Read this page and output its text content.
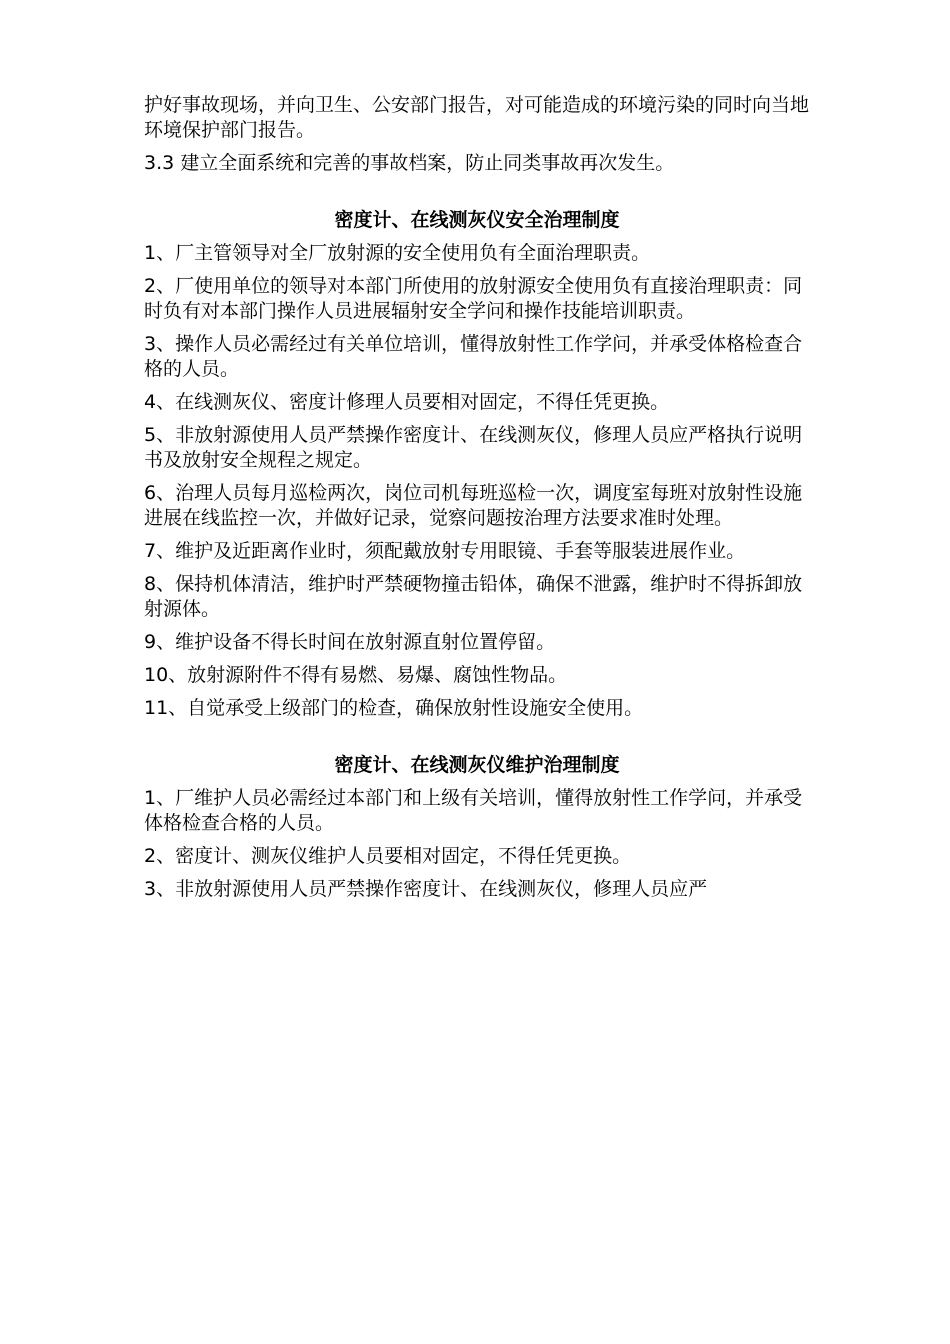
护好事故现场，并向卫生、公安部门报告，对可能造成的环境污染的同时向当地环境保护部门报告。

3.3 建立全面系统和完善的事故档案，防止同类事故再次发生。

密度计、在线测灰仪安全治理制度

1、厂主管领导对全厂放射源的安全使用负有全面治理职责。

2、厂使用单位的领导对本部门所使用的放射源安全使用负有直接治理职责：同时负有对本部门操作人员进展辐射安全学问和操作技能培训职责。

3、操作人员必需经过有关单位培训，懂得放射性工作学问，并承受体格检查合格的人员。

4、在线测灰仪、密度计修理人员要相对固定，不得任凭更换。

5、非放射源使用人员严禁操作密度计、在线测灰仪，修理人员应严格执行说明书及放射安全规程之规定。

6、治理人员每月巡检两次，岗位司机每班巡检一次，调度室每班对放射性设施进展在线监控一次，并做好记录，觉察问题按治理方法要求准时处理。

7、维护及近距离作业时，须配戴放射专用眼镜、手套等服装进展作业。

8、保持机体清洁，维护时严禁硬物撞击铅体，确保不泄露，维护时不得拆卸放射源体。

9、维护设备不得长时间在放射源直射位置停留。

10、放射源附件不得有易燃、易爆、腐蚀性物品。

11、自觉承受上级部门的检查，确保放射性设施安全使用。

密度计、在线测灰仪维护治理制度

1、厂维护人员必需经过本部门和上级有关培训，懂得放射性工作学问，并承受体格检查合格的人员。

2、密度计、测灰仪维护人员要相对固定，不得任凭更换。

3、非放射源使用人员严禁操作密度计、在线测灰仪，修理人员应严
